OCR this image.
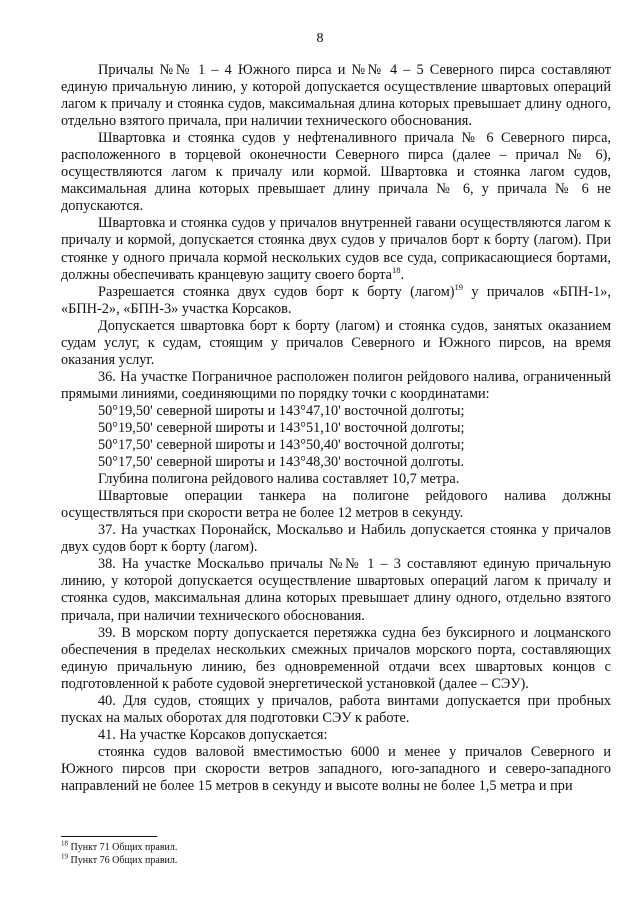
8

Причалы №№ 1 – 4 Южного пирса и №№ 4 – 5 Северного пирса составляют единую причальную линию, у которой допускается осуществление швартовых операций лагом к причалу и стоянка судов, максимальная длина которых превышает длину одного, отдельно взятого причала, при наличии технического обоснования.

Швартовка и стоянка судов у нефтеналивного причала № 6 Северного пирса, расположенного в торцевой оконечности Северного пирса (далее – причал № 6), осуществляются лагом к причалу или кормой. Швартовка и стоянка лагом судов, максимальная длина которых превышает длину причала № 6, у причала № 6 не допускаются.

Швартовка и стоянка судов у причалов внутренней гавани осуществляются лагом к причалу и кормой, допускается стоянка двух судов у причалов борт к борту (лагом). При стоянке у одного причала кормой нескольких судов все суда, соприкасающиеся бортами, должны обеспечивать кранцевую защиту своего борта$^{18}$.

Разрешается стоянка двух судов борт к борту (лагом)$^{19}$ у причалов «БПН-1», «БПН-2», «БПН-3» участка Корсаков.

Допускается швартовка борт к борту (лагом) и стоянка судов, занятых оказанием судам услуг, к судам, стоящим у причалов Северного и Южного пирсов, на время оказания услуг.

36. На участке Пограничное расположен полигон рейдового налива, ограниченный прямыми линиями, соединяющими по порядку точки с координатами:

50°19,50' северной широты и 143°47,10' восточной долготы;

50°19,50' северной широты и 143°51,10' восточной долготы;

50°17,50' северной широты и 143°50,40' восточной долготы;

50°17,50' северной широты и 143°48,30' восточной долготы.

Глубина полигона рейдового налива составляет 10,7 метра.

Швартовые операции танкера на полигоне рейдового налива должны осуществляться при скорости ветра не более 12 метров в секунду.

37. На участках Поронайск, Москальво и Набиль допускается стоянка у причалов двух судов борт к борту (лагом).

38. На участке Москальво причалы №№ 1 – 3 составляют единую причальную линию, у которой допускается осуществление швартовых операций лагом к причалу и стоянка судов, максимальная длина которых превышает длину одного, отдельно взятого причала, при наличии технического обоснования.

39. В морском порту допускается перетяжка судна без буксирного и лоцманского обеспечения в пределах нескольких смежных причалов морского порта, составляющих единую причальную линию, без одновременной отдачи всех швартовых концов с подготовленной к работе судовой энергетической установкой (далее – СЭУ).

40. Для судов, стоящих у причалов, работа винтами допускается при пробных пусках на малых оборотах для подготовки СЭУ к работе.

41. На участке Корсаков допускается:

стоянка судов валовой вместимостью 6000 и менее у причалов Северного и Южного пирсов при скорости ветров западного, юго-западного и северо-западного направлений не более 15 метров в секунду и высоте волны не более 1,5 метра и при

$^{18}$ Пункт 71 Общих правил.

$^{19}$ Пункт 76 Общих правил.
